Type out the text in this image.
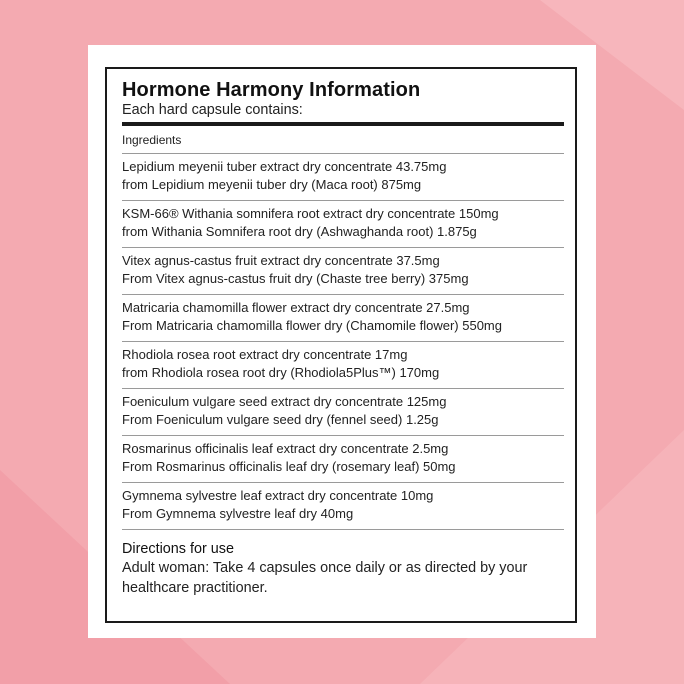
Hormone Harmony Information
Each hard capsule contains:
Ingredients
Lepidium meyenii tuber extract dry concentrate 43.75mg
from Lepidium meyenii tuber dry (Maca root) 875mg
KSM-66® Withania somnifera root extract dry concentrate 150mg
from Withania Somnifera root dry (Ashwaghanda root) 1.875g
Vitex agnus-castus fruit extract dry concentrate 37.5mg
From Vitex agnus-castus fruit dry (Chaste tree berry) 375mg
Matricaria chamomilla flower extract dry concentrate 27.5mg
From Matricaria chamomilla flower dry (Chamomile flower) 550mg
Rhodiola rosea root extract dry concentrate 17mg
from Rhodiola rosea root dry (Rhodiola5Plus™) 170mg
Foeniculum vulgare seed extract dry concentrate 125mg
From Foeniculum vulgare seed dry (fennel seed) 1.25g
Rosmarinus officinalis leaf extract dry concentrate 2.5mg
From Rosmarinus officinalis leaf dry (rosemary leaf) 50mg
Gymnema sylvestre leaf extract dry concentrate 10mg
From Gymnema sylvestre leaf dry 40mg
Directions for use
Adult woman: Take 4 capsules once daily or as directed by your
healthcare practitioner.
